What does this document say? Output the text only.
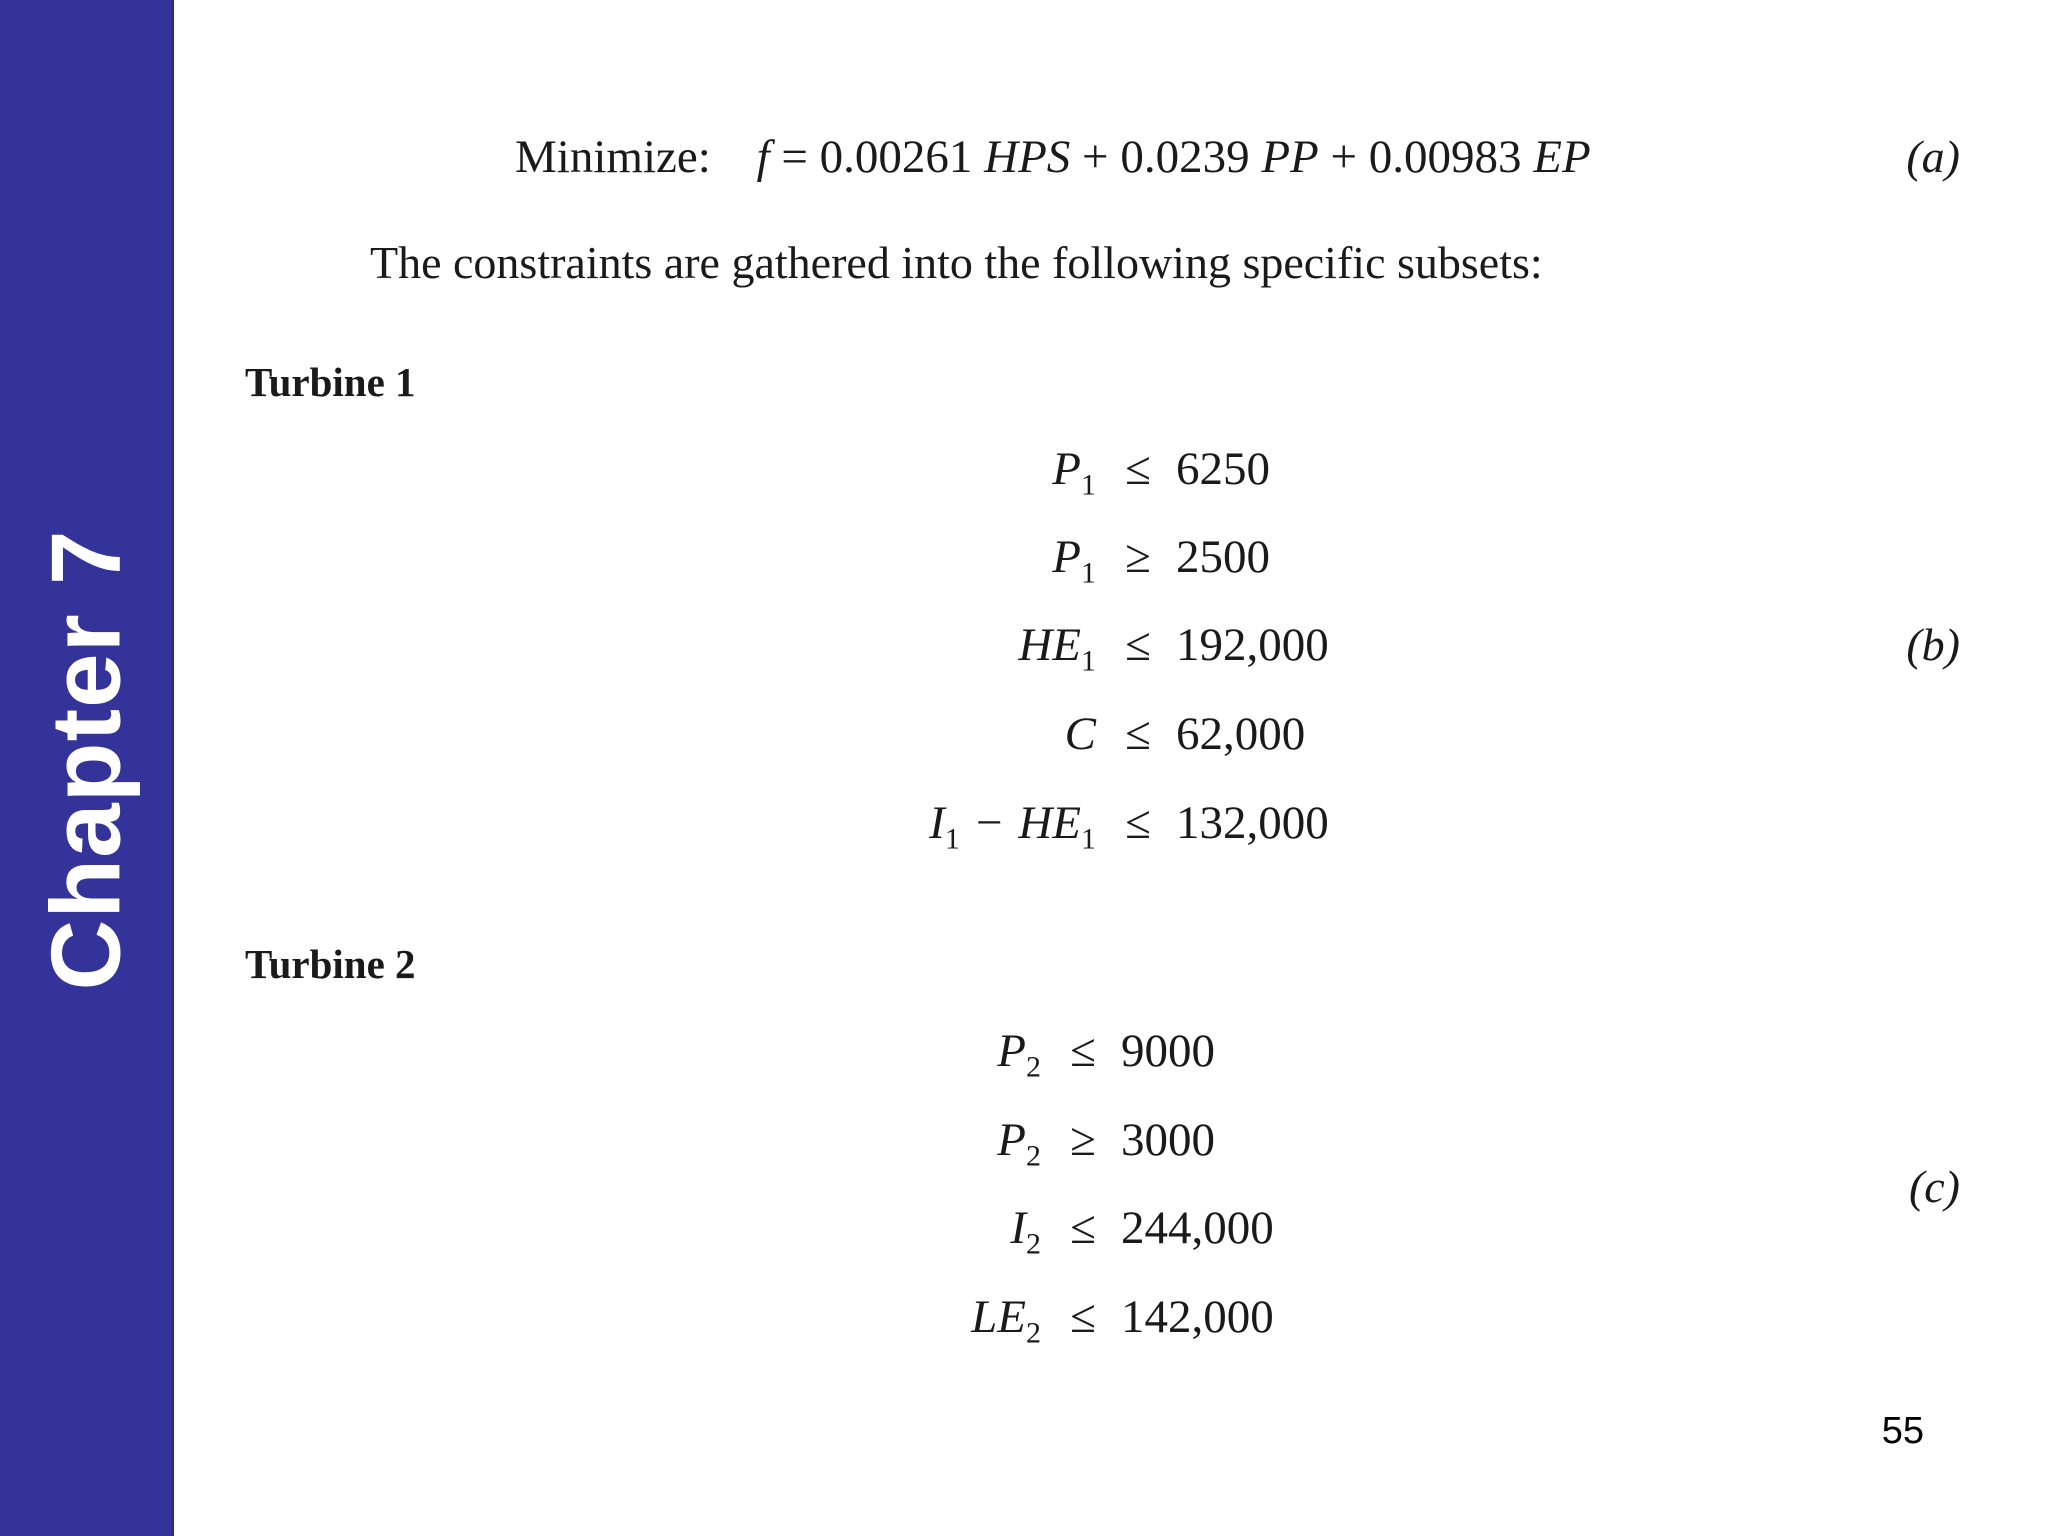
Chapter 7
Minimize: f = 0.00261 HPS + 0.0239 PP + 0.00983 EP	(a)
The constraints are gathered into the following specific subsets:
Turbine 1
$P_1 \le 6250$
$P_1 \ge 2500$
$HE_1 \le 192,000$
C ≤ 62,000
$I_1 - HE_1 \le 132,000$
(b)
Turbine 2
$P_2 \le 9000$
$P_2 \ge 3000$
$I_2 \le 244,000$
$LE_2 \le 142,000$
(c)
55
